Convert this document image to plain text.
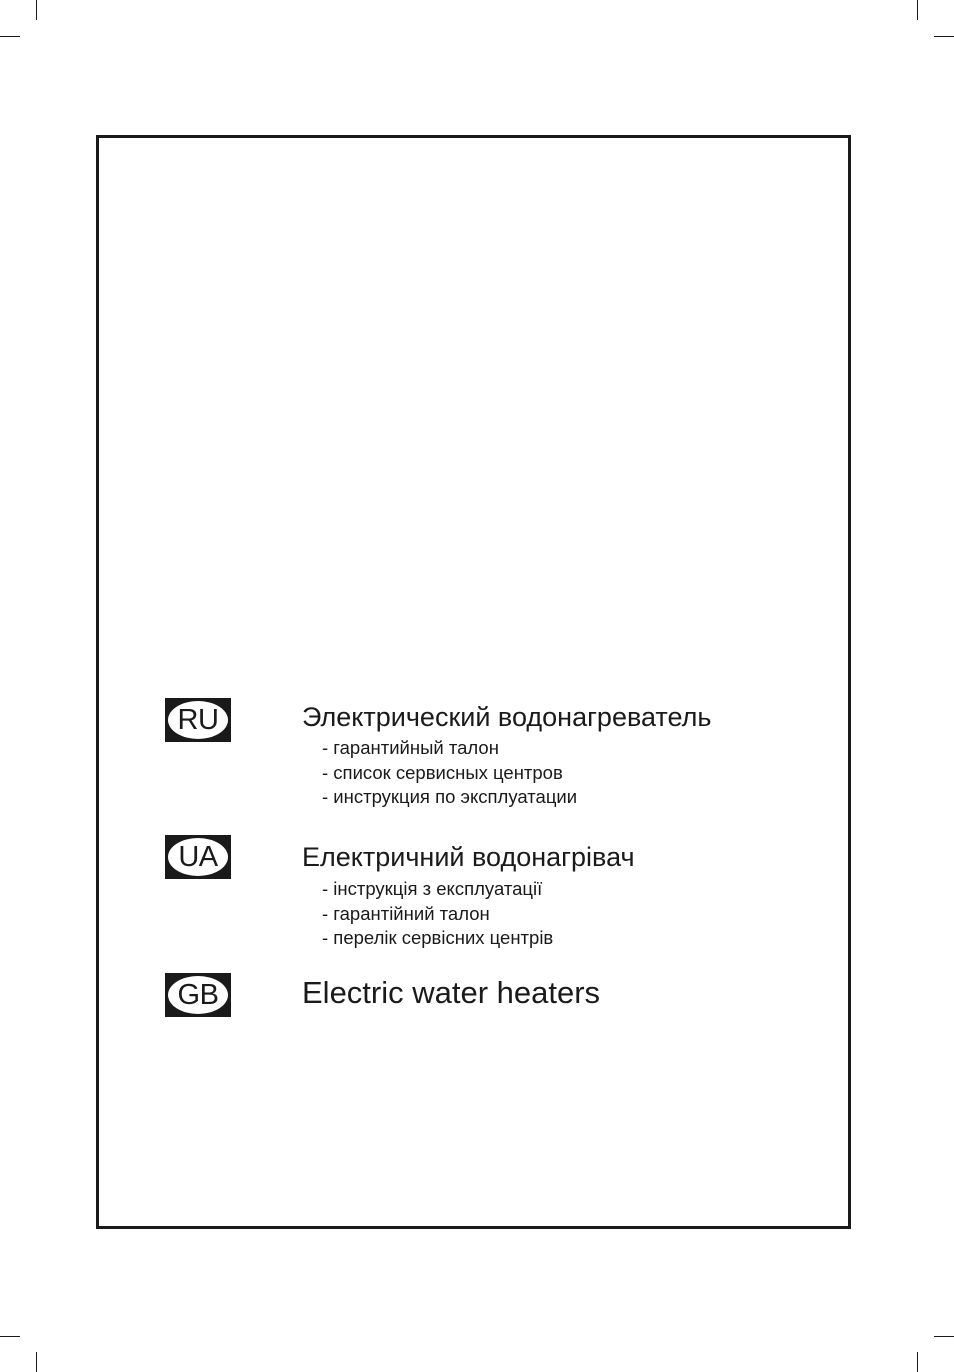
RU	Электрический водонагреватель
- гарантийный талон
- список сервисных центров
- инструкция по эксплуатации
UA	Електричний водонагрівач
- інструкція з експлуатації
- гарантійний талон
- перелік сервісних центрів
GB	Electric water heaters
